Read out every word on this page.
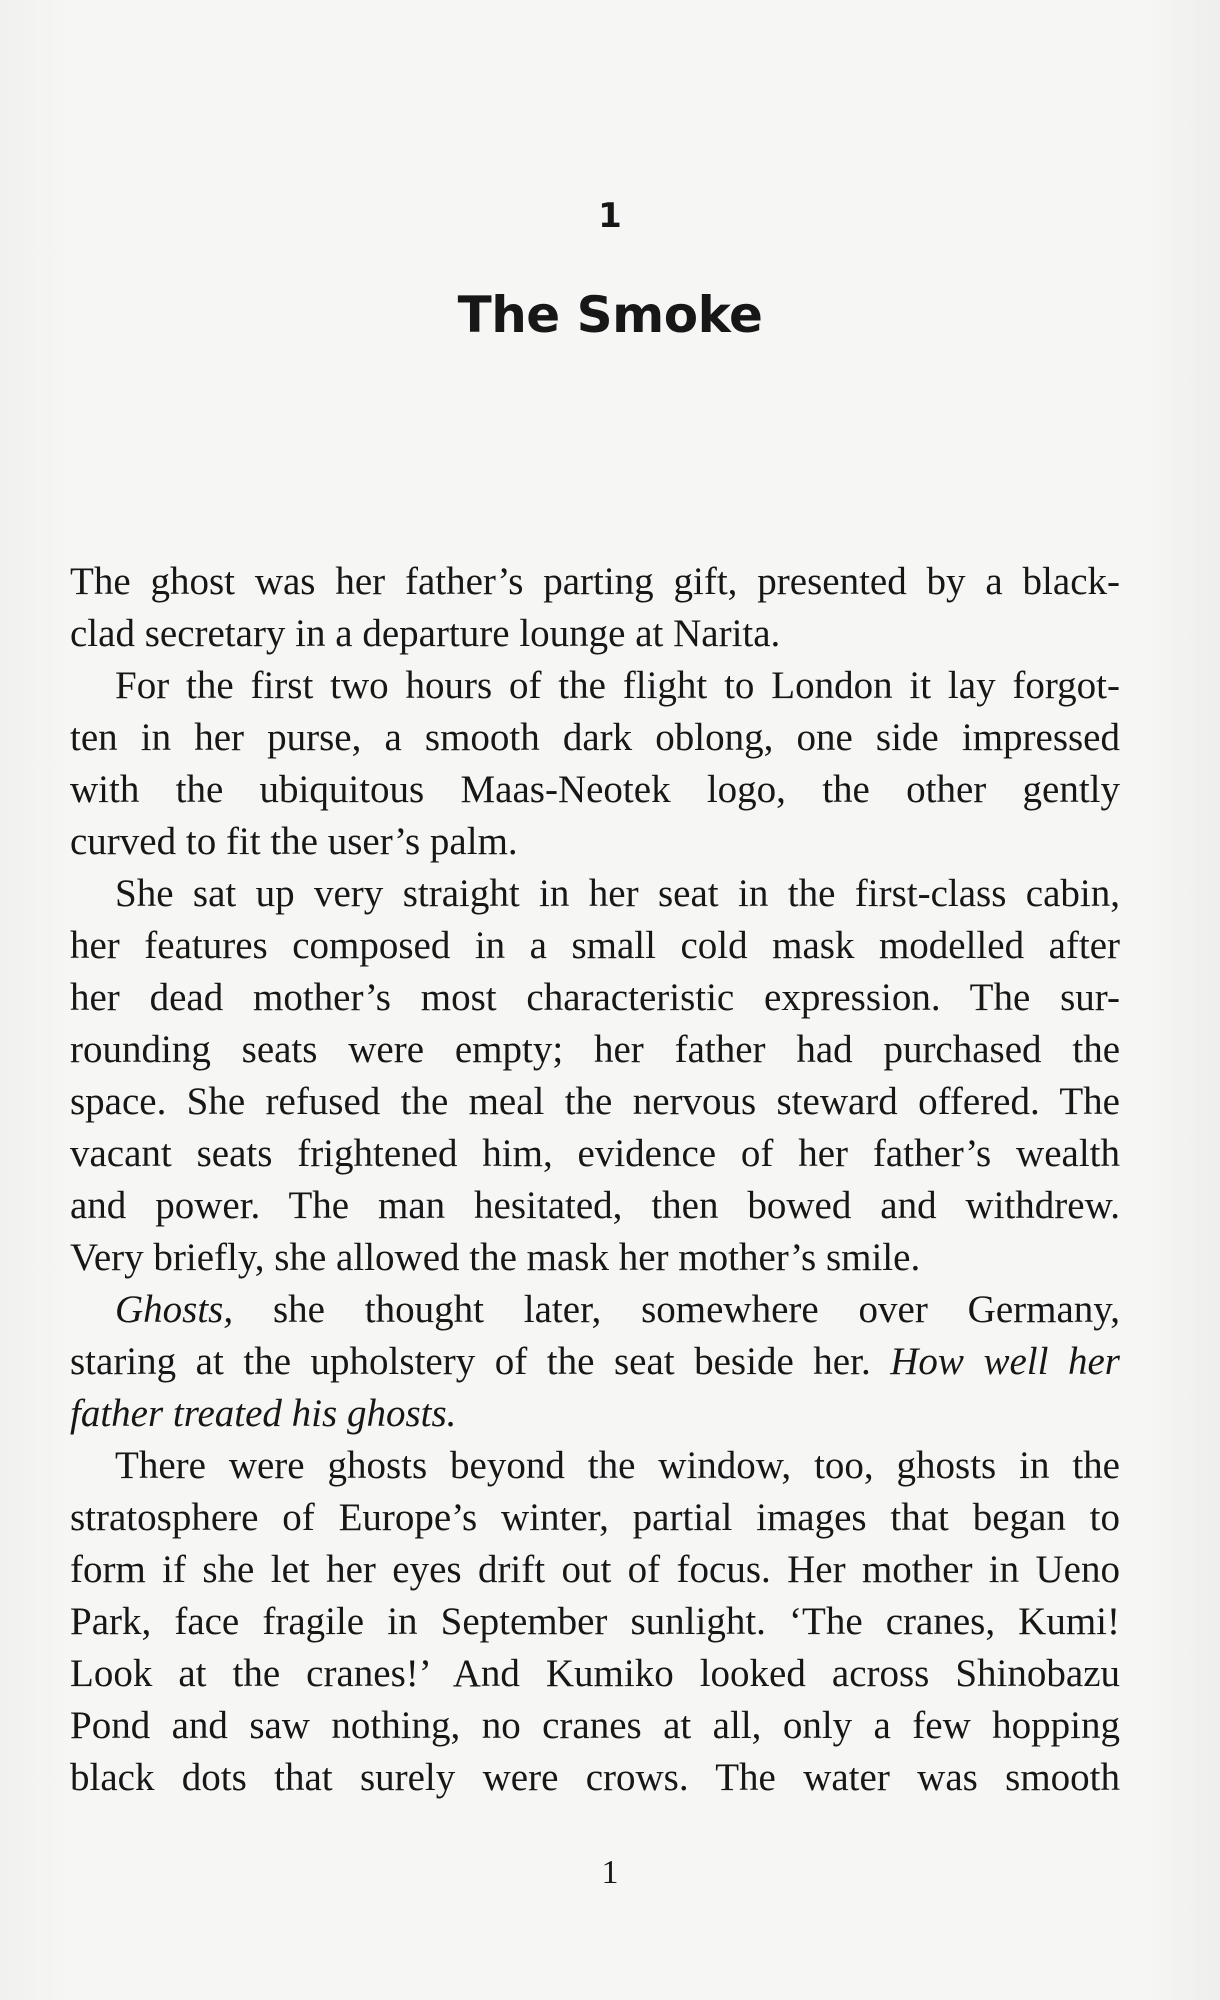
1
The Smoke
The ghost was her father’s parting gift, presented by a black-
clad secretary in a departure lounge at Narita.
For the first two hours of the flight to London it lay forgot-
ten in her purse, a smooth dark oblong, one side impressed
with the ubiquitous Maas-Neotek logo, the other gently
curved to fit the user’s palm.
She sat up very straight in her seat in the first-class cabin,
her features composed in a small cold mask modelled after
her dead mother’s most characteristic expression. The sur-
rounding seats were empty; her father had purchased the
space. She refused the meal the nervous steward offered. The
vacant seats frightened him, evidence of her father’s wealth
and power. The man hesitated, then bowed and withdrew.
Very briefly, she allowed the mask her mother’s smile.
Ghosts, she thought later, somewhere over Germany,
staring at the upholstery of the seat beside her. How well her
father treated his ghosts.
There were ghosts beyond the window, too, ghosts in the
stratosphere of Europe’s winter, partial images that began to
form if she let her eyes drift out of focus. Her mother in Ueno
Park, face fragile in September sunlight. ‘The cranes, Kumi!
Look at the cranes!’ And Kumiko looked across Shinobazu
Pond and saw nothing, no cranes at all, only a few hopping
black dots that surely were crows. The water was smooth
1
